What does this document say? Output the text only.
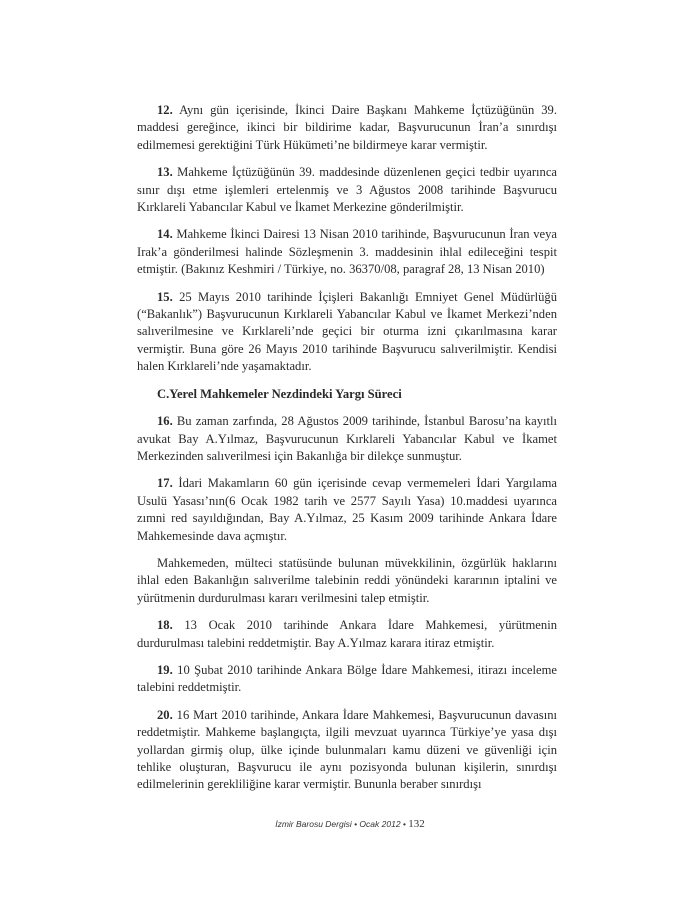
12. Aynı gün içerisinde, İkinci Daire Başkanı Mahkeme İçtüzüğünün 39. maddesi gereğince, ikinci bir bildirime kadar, Başvurucunun İran’a sınırdışı edilmemesi gerektiğini Türk Hükümeti’ne bildirmeye karar vermiştir.

13. Mahkeme İçtüzüğünün 39. maddesinde düzenlenen geçici tedbir uyarınca sınır dışı etme işlemleri ertelenmiş ve 3 Ağustos 2008 tarihinde Başvurucu Kırklareli Yabancılar Kabul ve İkamet Merkezine gönderilmiştir.

14. Mahkeme İkinci Dairesi 13 Nisan 2010 tarihinde, Başvurucunun İran veya Irak’a gönderilmesi halinde Sözleşmenin 3. maddesinin ihlal edileceğini tespit etmiştir. (Bakınız Keshmiri / Türkiye, no. 36370/08, paragraf 28, 13 Nisan 2010)

15. 25 Mayıs 2010 tarihinde İçişleri Bakanlığı Emniyet Genel Müdürlüğü (“Bakanlık”) Başvurucunun Kırklareli Yabancılar Kabul ve İkamet Merkezi’nden salıverilmesine ve Kırklareli’nde geçici bir oturma izni çıkarılmasına karar vermiştir. Buna göre 26 Mayıs 2010 tarihinde Başvurucu salıverilmiştir. Kendisi halen Kırklareli’nde yaşamaktadır.

C.Yerel Mahkemeler Nezdindeki Yargı Süreci

16. Bu zaman zarfında, 28 Ağustos 2009 tarihinde, İstanbul Barosu’na kayıtlı avukat Bay A.Yılmaz, Başvurucunun Kırklareli Yabancılar Kabul ve İkamet Merkezinden salıverilmesi için Bakanlığa bir dilekçe sunmuştur.

17. İdari Makamların 60 gün içerisinde cevap vermemeleri İdari Yargılama Usulü Yasası’nın(6 Ocak 1982 tarih ve 2577 Sayılı Yasa) 10.maddesi uyarınca zımni red sayıldığından, Bay A.Yılmaz, 25 Kasım 2009 tarihinde Ankara İdare Mahkemesinde dava açmıştır.

Mahkemeden, mülteci statüsünde bulunan müvekkilinin, özgürlük haklarını ihlal eden Bakanlığın salıverilme talebinin reddi yönündeki kararının iptalini ve yürütmenin durdurulması kararı verilmesini talep etmiştir.

18. 13 Ocak 2010 tarihinde Ankara İdare Mahkemesi, yürütmenin durdurulması talebini reddetmiştir. Bay A.Yılmaz karara itiraz etmiştir.

19. 10 Şubat 2010 tarihinde Ankara Bölge İdare Mahkemesi, itirazı inceleme talebini reddetmiştir.

20. 16 Mart 2010 tarihinde, Ankara İdare Mahkemesi, Başvurucunun davasını reddetmiştir. Mahkeme başlangıçta, ilgili mevzuat uyarınca Türkiye’ye yasa dışı yollardan girmiş olup, ülke içinde bulunmaları kamu düzeni ve güvenliği için tehlike oluşturan, Başvurucu ile aynı pozisyonda bulunan kişilerin, sınırdışı edilmelerinin gerekliliğine karar vermiştir. Bununla beraber sınırdışı

İzmir Barosu Dergisi • Ocak 2012 • 132
